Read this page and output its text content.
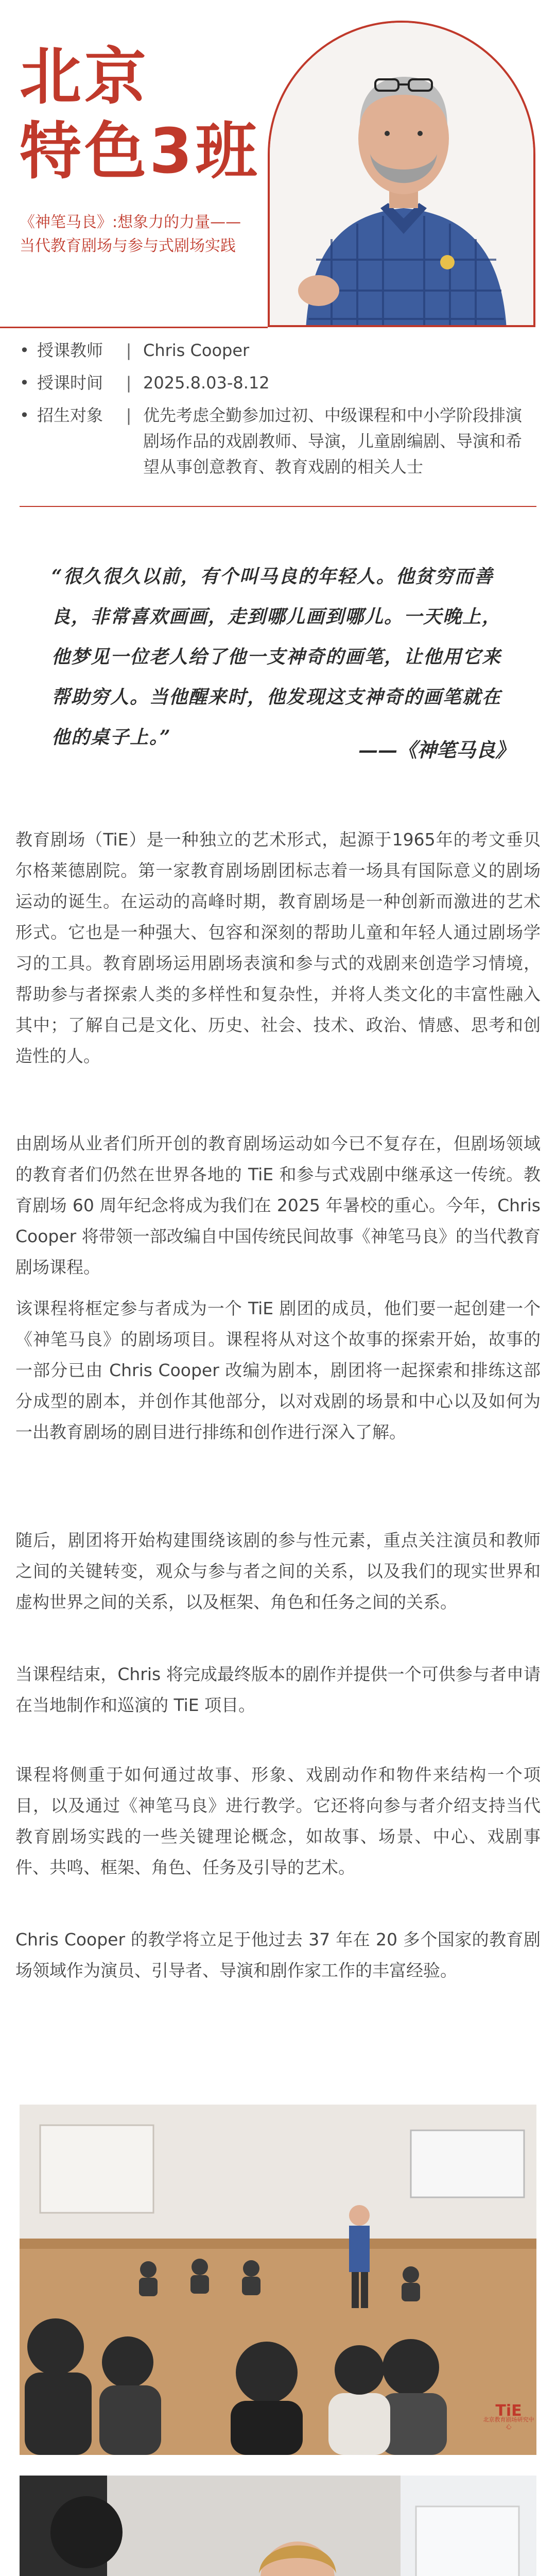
北京
特色3班
《神笔马良》:想象力的力量——
当代教育剧场与参与式剧场实践
• 授课教师	| Chris Cooper
• 授课时间	| 2025.8.03-8.12
• 招生对象	| 优先考虑全勤参加过初、中级课程和中小学阶段排演剧场作品的戏剧教师、导演，儿童剧编剧、导演和希望从事创意教育、教育戏剧的相关人士
“很久很久以前，有个叫马良的年轻人。他贫穷而善良，非常喜欢画画，走到哪儿画到哪儿。一天晚上，他梦见一位老人给了他一支神奇的画笔，让他用它来帮助穷人。当他醒来时，他发现这支神奇的画笔就在他的桌子上。”
——《神笔马良》
教育剧场（TiE）是一种独立的艺术形式，起源于1965年的考文垂贝尔格莱德剧院。第一家教育剧场剧团标志着一场具有国际意义的剧场运动的诞生。在运动的高峰时期，教育剧场是一种创新而激进的艺术形式。它也是一种强大、包容和深刻的帮助儿童和年轻人通过剧场学习的工具。教育剧场运用剧场表演和参与式的戏剧来创造学习情境，帮助参与者探索人类的多样性和复杂性，并将人类文化的丰富性融入其中；了解自己是文化、历史、社会、技术、政治、情感、思考和创造性的人。
由剧场从业者们所开创的教育剧场运动如今已不复存在，但剧场领域的教育者们仍然在世界各地的 TiE 和参与式戏剧中继承这一传统。教育剧场 60 周年纪念将成为我们在 2025 年暑校的重心。今年，Chris Cooper 将带领一部改编自中国传统民间故事《神笔马良》的当代教育剧场课程。
该课程将框定参与者成为一个 TiE 剧团的成员，他们要一起创建一个《神笔马良》的剧场项目。课程将从对这个故事的探索开始，故事的一部分已由 Chris Cooper 改编为剧本，剧团将一起探索和排练这部分成型的剧本，并创作其他部分，以对戏剧的场景和中心以及如何为一出教育剧场的剧目进行排练和创作进行深入了解。
随后，剧团将开始构建围绕该剧的参与性元素，重点关注演员和教师之间的关键转变，观众与参与者之间的关系，以及我们的现实世界和虚构世界之间的关系，以及框架、角色和任务之间的关系。
当课程结束，Chris 将完成最终版本的剧作并提供一个可供参与者申请在当地制作和巡演的 TiE 项目。
课程将侧重于如何通过故事、形象、戏剧动作和物件来结构一个项目，以及通过《神笔马良》进行教学。它还将向参与者介绍支持当代教育剧场实践的一些关键理论概念，如故事、场景、中心、戏剧事件、共鸣、框架、角色、任务及引导的艺术。
Chris Cooper 的教学将立足于他过去 37 年在 20 多个国家的教育剧场领域作为演员、引导者、导演和剧作家工作的丰富经验。
TiE
北京教育剧场研究中心
